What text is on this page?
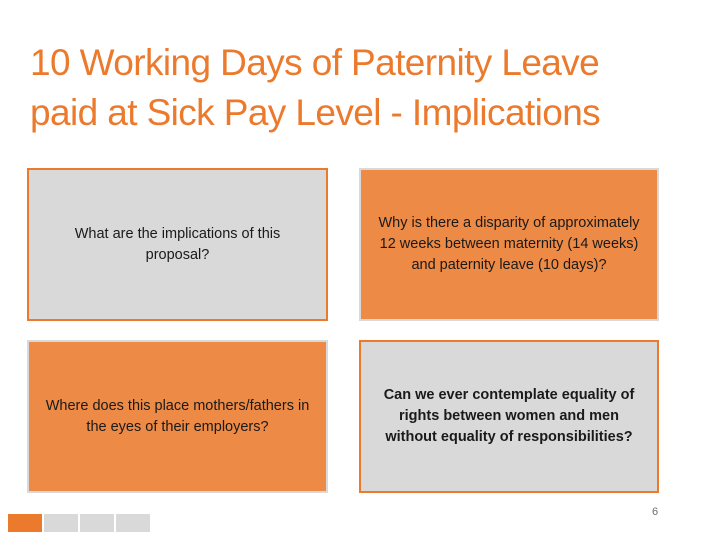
10 Working Days of Paternity Leave
paid at Sick Pay Level - Implications
What are the implications of this proposal?
Why is there a disparity of approximately 12 weeks between maternity (14 weeks) and paternity leave (10 days)?
Where does this place mothers/fathers in the eyes of their employers?
Can we ever contemplate equality of rights between women and men without equality of responsibilities?
6
